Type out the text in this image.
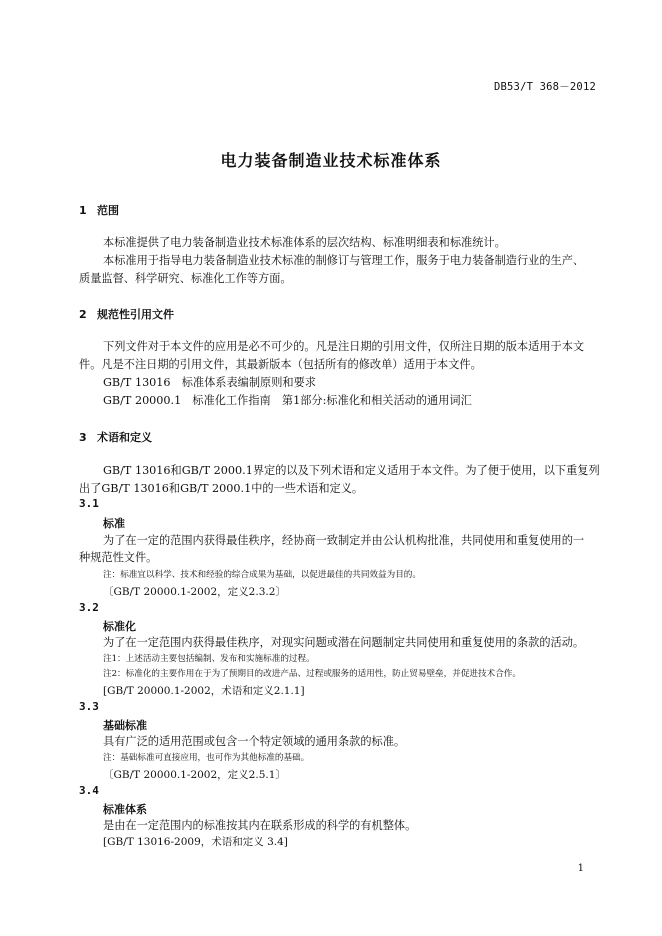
DB53/T 368－2012
电力装备制造业技术标准体系
1 范围
本标准提供了电力装备制造业技术标准体系的层次结构、标准明细表和标准统计。
本标准用于指导电力装备制造业技术标准的制修订与管理工作，服务于电力装备制造行业的生产、
质量监督、科学研究、标准化工作等方面。
2 规范性引用文件
下列文件对于本文件的应用是必不可少的。凡是注日期的引用文件，仅所注日期的版本适用于本文
件。凡是不注日期的引用文件，其最新版本（包括所有的修改单）适用于本文件。
GB/T 13016　标准体系表编制原则和要求
GB/T 20000.1　标准化工作指南　第1部分:标准化和相关活动的通用词汇
3 术语和定义
GB/T 13016和GB/T 2000.1界定的以及下列术语和定义适用于本文件。为了便于使用，以下重复列
出了GB/T 13016和GB/T 2000.1中的一些术语和定义。
3.1
标准
为了在一定的范围内获得最佳秩序，经协商一致制定并由公认机构批准，共同使用和重复使用的一
种规范性文件。
注：标准宜以科学、技术和经验的综合成果为基础，以促进最佳的共同效益为目的。
〔GB/T 20000.1-2002，定义2.3.2〕
3.2
标准化
为了在一定范围内获得最佳秩序，对现实问题或潜在问题制定共同使用和重复使用的条款的活动。
注1：上述活动主要包括编制、发布和实施标准的过程。
注2：标准化的主要作用在于为了预期目的改进产品、过程或服务的适用性，防止贸易壁垒，并促进技术合作。
[GB/T 20000.1-2002，术语和定义2.1.1]
3.3
基础标准
具有广泛的适用范围或包含一个特定领域的通用条款的标准。
注：基础标准可直接应用，也可作为其他标准的基础。
〔GB/T 20000.1-2002，定义2.5.1〕
3.4
标准体系
是由在一定范围内的标准按其内在联系形成的科学的有机整体。
[GB/T 13016-2009，术语和定义 3.4]
1
